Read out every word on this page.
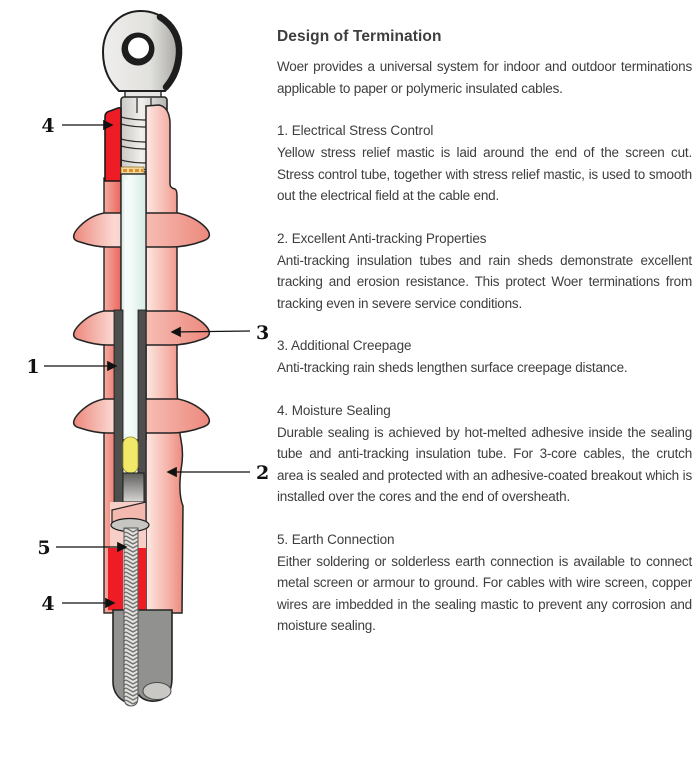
4
3
1
2
5
4
Design of Termination

Woer provides a universal system for indoor and outdoor terminations applicable to paper or polymeric insulated cables.

1. Electrical Stress Control

Yellow stress relief mastic is laid around the end of the screen cut. Stress control tube, together with stress relief mastic, is used to smooth out the electrical field at the cable end.

2. Excellent Anti-tracking Properties

Anti-tracking insulation tubes and rain sheds demonstrate excellent tracking and erosion resistance. This protect Woer terminations from tracking even in severe service conditions.

3. Additional Creepage

Anti-tracking rain sheds lengthen surface creepage distance.

4. Moisture Sealing

Durable sealing is achieved by hot-melted adhesive inside the sealing tube and anti-tracking insulation tube. For 3-core cables, the crutch area is sealed and protected with an adhesive-coated breakout which is installed over the cores and the end of oversheath.

5. Earth Connection

Either soldering or solderless earth connection is available to connect metal screen or armour to ground. For cables with wire screen, copper wires are imbedded in the sealing mastic to prevent any corrosion and moisture sealing.
